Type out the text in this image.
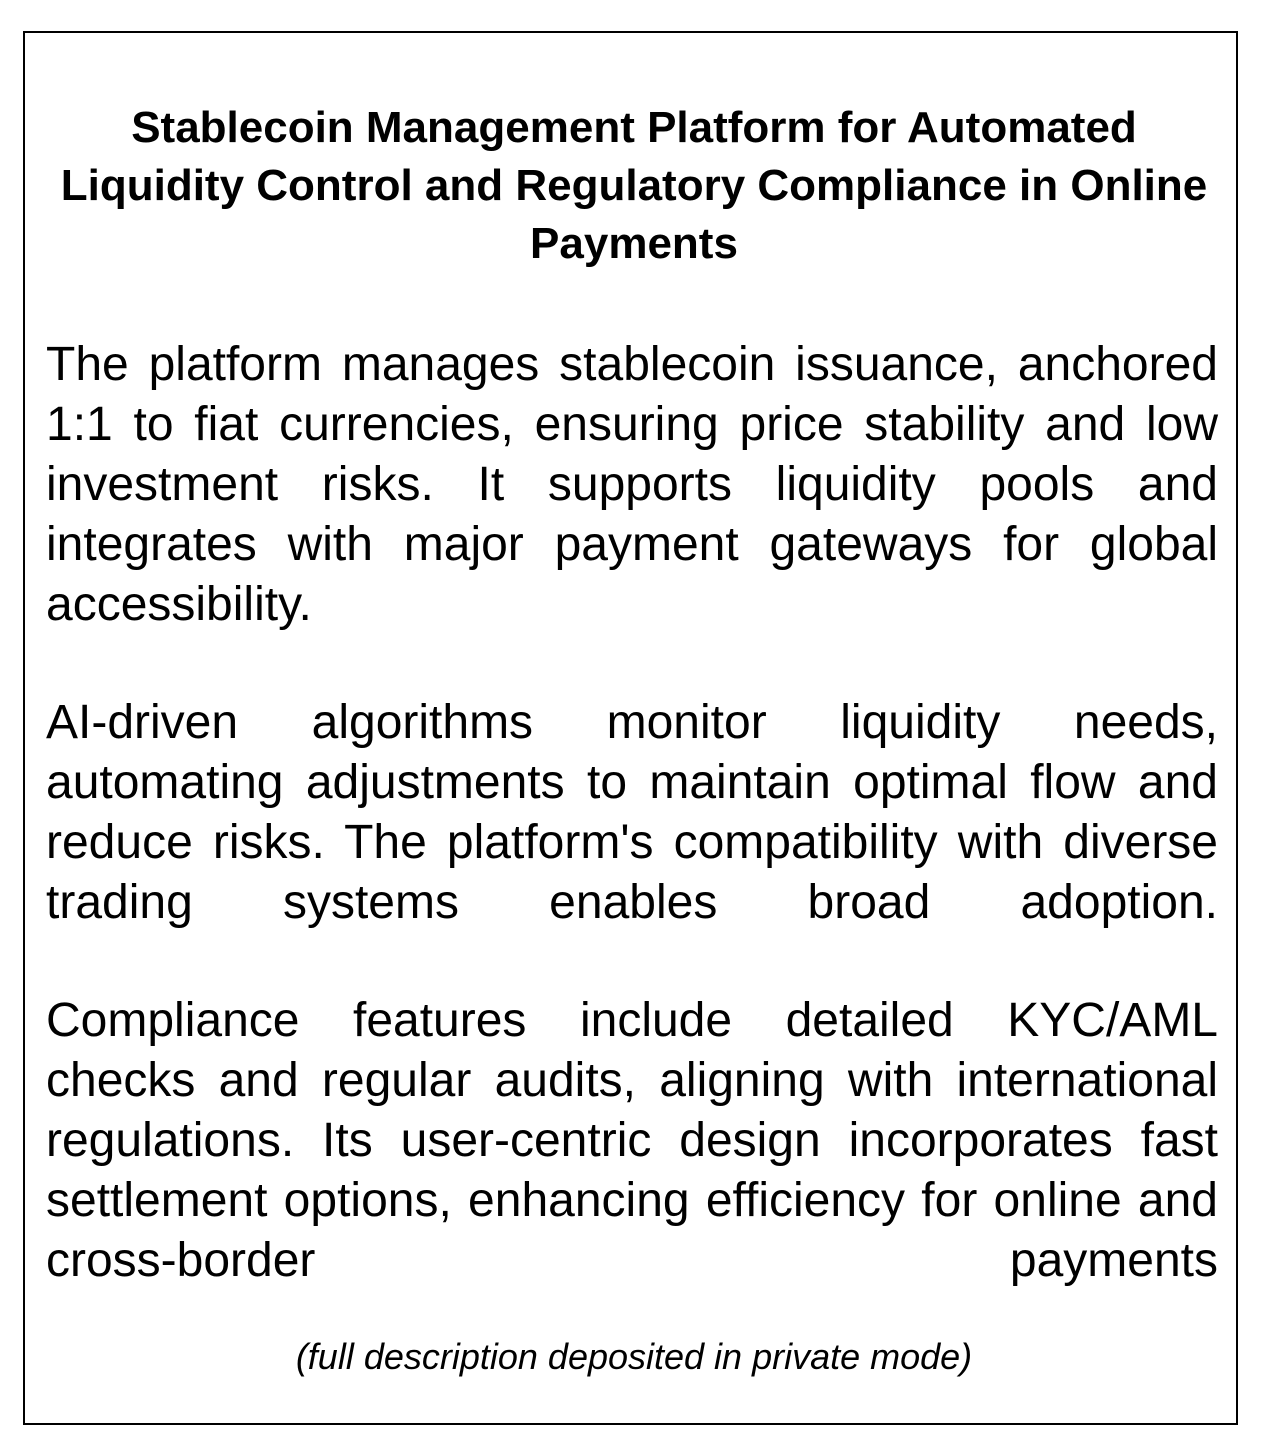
Stablecoin Management Platform for Automated Liquidity Control and Regulatory Compliance in Online Payments

The platform manages stablecoin issuance, anchored 1:1 to fiat currencies, ensuring price stability and low investment risks. It supports liquidity pools and integrates with major payment gateways for global accessibility.

AI-driven algorithms monitor liquidity needs, automating adjustments to maintain optimal flow and reduce risks. The platform's compatibility with diverse trading systems enables broad adoption.

Compliance features include detailed KYC/AML checks and regular audits, aligning with international regulations. Its user-centric design incorporates fast settlement options, enhancing efficiency for online and cross-border payments

(full description deposited in private mode)
